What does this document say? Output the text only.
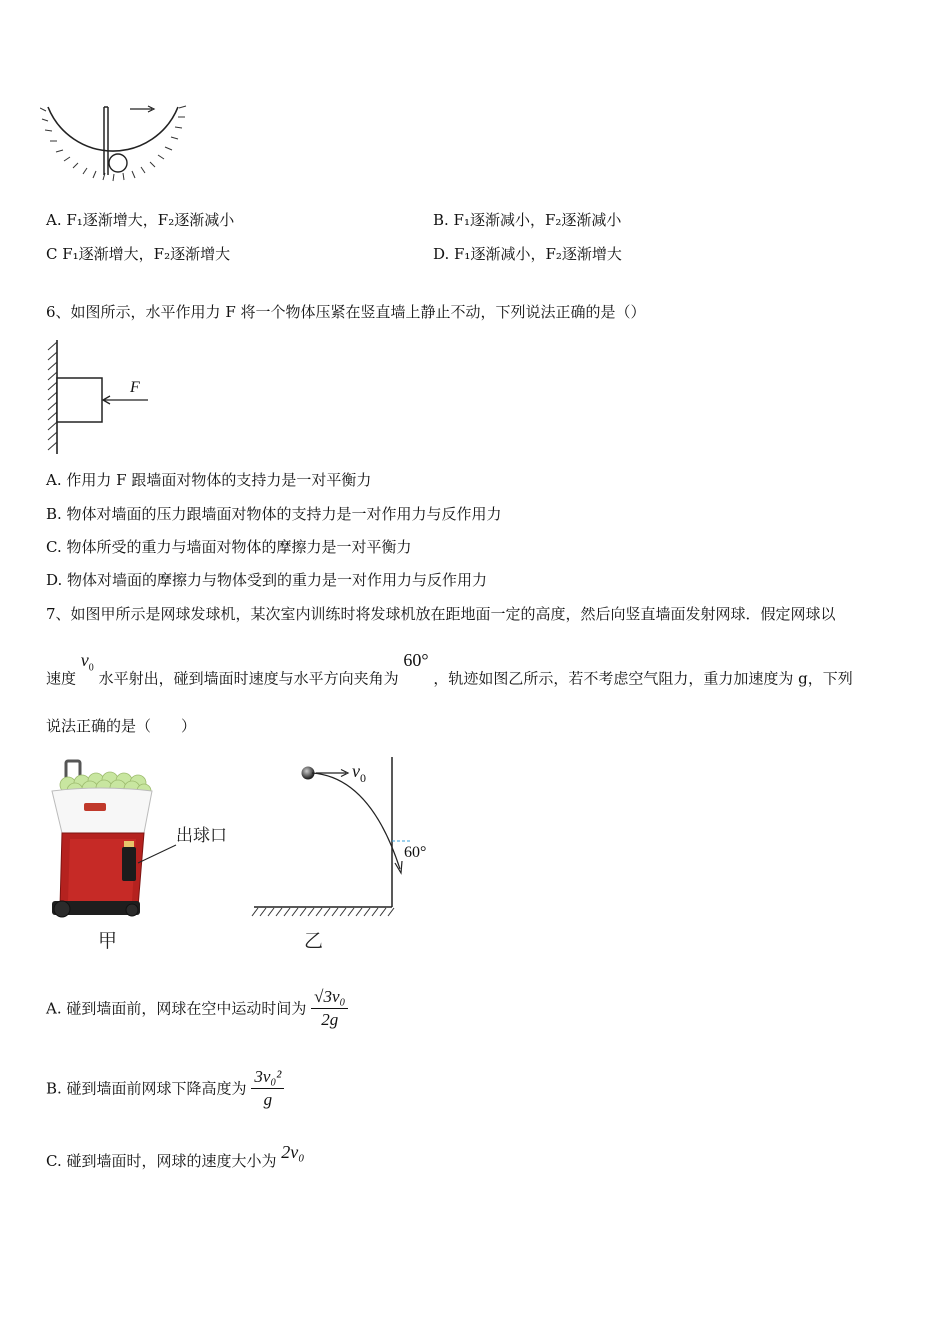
A. F₁逐渐增大，F₂逐渐减小	B. F₁逐渐减小，F₂逐渐减小
C F₁逐渐增大，F₂逐渐增大	D. F₁逐渐减小，F₂逐渐增大
6、如图所示，水平作用力 F 将一个物体压紧在竖直墙上静止不动，下列说法正确的是（）
F
A. 作用力 F 跟墙面对物体的支持力是一对平衡力
B. 物体对墙面的压力跟墙面对物体的支持力是一对作用力与反作用力
C. 物体所受的重力与墙面对物体的摩擦力是一对平衡力
D. 物体对墙面的摩擦力与物体受到的重力是一对作用力与反作用力
7、如图甲所示是网球发球机，某次室内训练时将发球机放在距地面一定的高度，然后向竖直墙面发射网球．假定网球以
速度 $v_0$ 水平射出，碰到墙面时速度与水平方向夹角为 60° ，轨迹如图乙所示，若不考虑空气阻力，重力加速度为 g，下列
说法正确的是（　　）
出球口
甲
$v_0$
60°
乙
A. 碰到墙面前，网球在空中运动时间为 $\frac{\text{√3v₀}}{2g}$
B. 碰到墙面前网球下降高度为 $\frac{\text{3v₀²}}{g}$
C. 碰到墙面时，网球的速度大小为 2v₀
